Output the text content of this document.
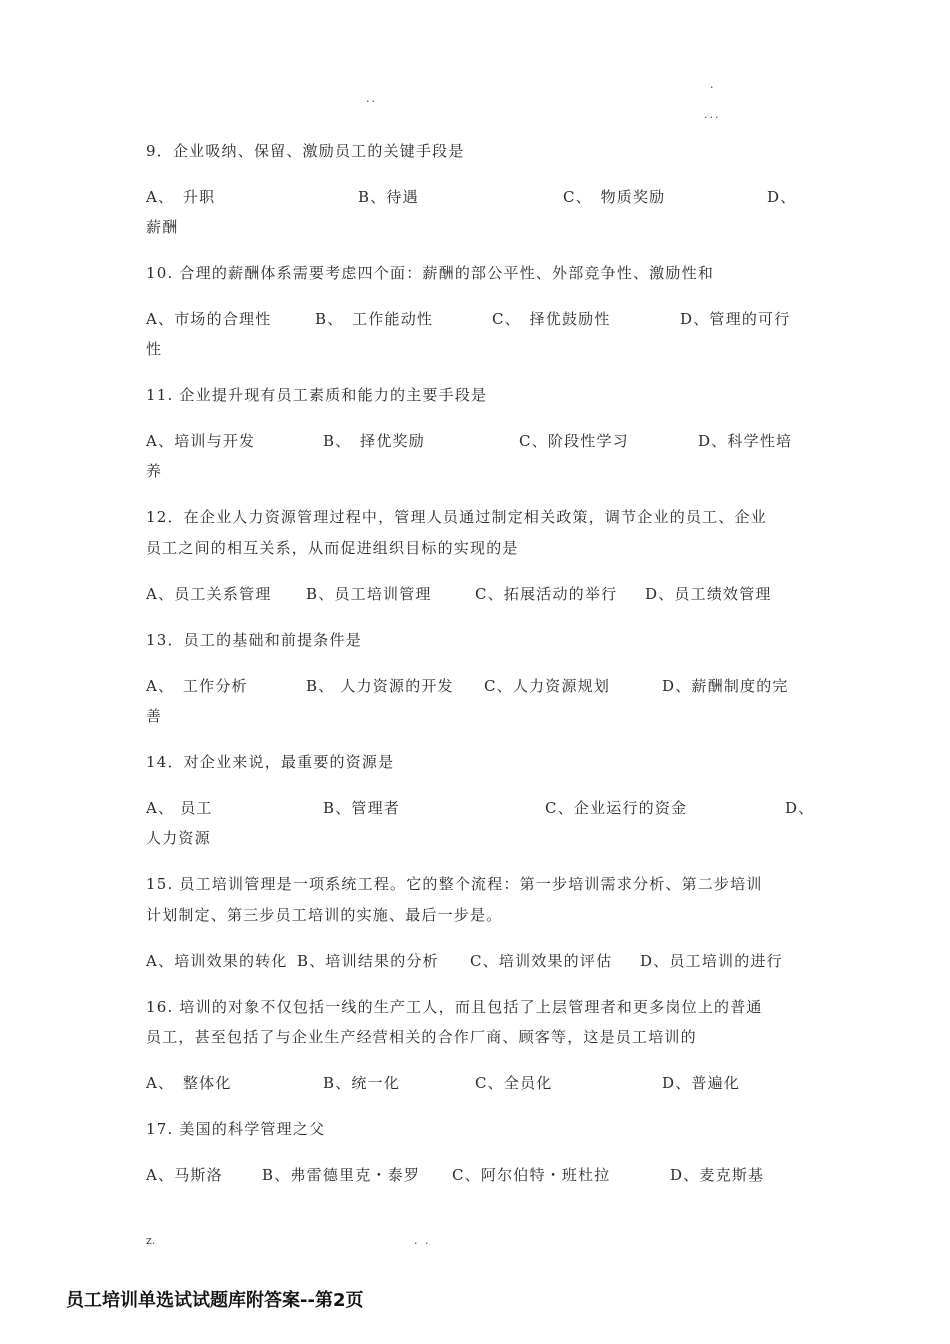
..
.
...
9．企业吸纳、保留、激励员工的关键手段是
A、　升职	B、待遇	C、　物质奖励	D、
薪酬
10. 合理的薪酬体系需要考虑四个面：薪酬的部公平性、外部竞争性、激励性和
A、市场的合理性	B、　工作能动性	C、　择优鼓励性	D、管理的可行
性
11. 企业提升现有员工素质和能力的主要手段是
A、培训与开发	B、　择优奖励	C、阶段性学习	D、科学性培
养
12．在企业人力资源管理过程中，管理人员通过制定相关政策，调节企业的员工、企业
员工之间的相互关系，从而促进组织目标的实现的是
A、员工关系管理 B、员工培训管理	C、拓展活动的举行 D、员工绩效管理
13．员工的基础和前提条件是
A、　工作分析	B、 人力资源的开发 C、人力资源规划	D、薪酬制度的完
善
14．对企业来说，最重要的资源是
A、 员工	B、管理者	C、企业运行的资金	D、
人力资源
15. 员工培训管理是一项系统工程。它的整个流程：第一步培训需求分析、第二步培训
计划制定、第三步员工培训的实施、最后一步是。
A、培训效果的转化 B、培训结果的分析 C、培训效果的评估 D、员工培训的进行
16. 培训的对象不仅包括一线的生产工人，而且包括了上层管理者和更多岗位上的普通
员工，甚至包括了与企业生产经营相关的合作厂商、顾客等，这是员工培训的
A、　整体化	B、统一化	C、全员化	D、普遍化
17. 美国的科学管理之父
A、马斯洛	B、弗雷德里克・泰罗 C、阿尔伯特・班杜拉	D、麦克斯基
z.	. .
员工培训单选试试题库附答案--第2页
